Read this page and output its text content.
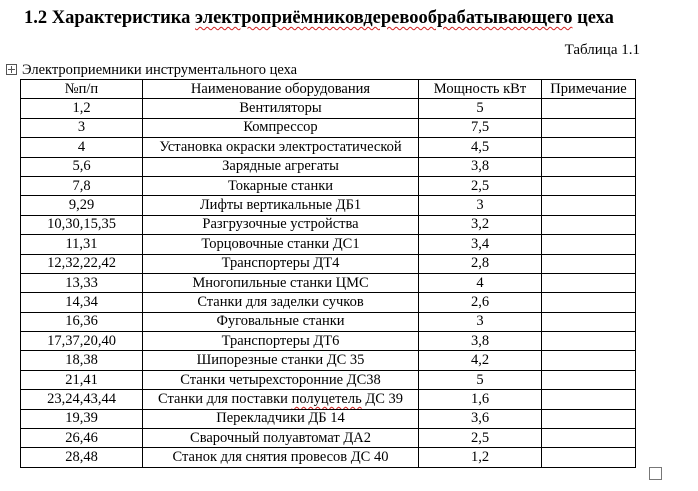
1.2 Характеристика электроприёмниковдеревообрабатывающего цеха
Таблица 1.1
Электроприемники инструментального цеха
№п/п	Наименование оборудования	Мощность кВт	Примечание
1,2	Вентиляторы	5	
3	Компрессор	7,5	
4	Установка окраски электростатической	4,5	
5,6	Зарядные агрегаты	3,8	
7,8	Токарные станки	2,5	
9,29	Лифты вертикальные ДБ1	3	
10,30,15,35	Разгрузочные устройства	3,2	
11,31	Торцовочные станки ДС1	3,4	
12,32,22,42	Транспортеры ДТ4	2,8	
13,33	Многопильные станки ЦМС	4	
14,34	Станки для заделки сучков	2,6	
16,36	Фуговальные станки	3	
17,37,20,40	Транспортеры ДТ6	3,8	
18,38	Шипорезные станки ДС 35	4,2	
21,41	Станки четырехсторонние ДС38	5	
23,24,43,44	Станки для поставки полуцетель ДС 39	1,6	
19,39	Перекладчики ДБ 14	3,6	
26,46	Сварочный полуавтомат ДА2	2,5	
28,48	Станок для снятия провесов ДС 40	1,2	
